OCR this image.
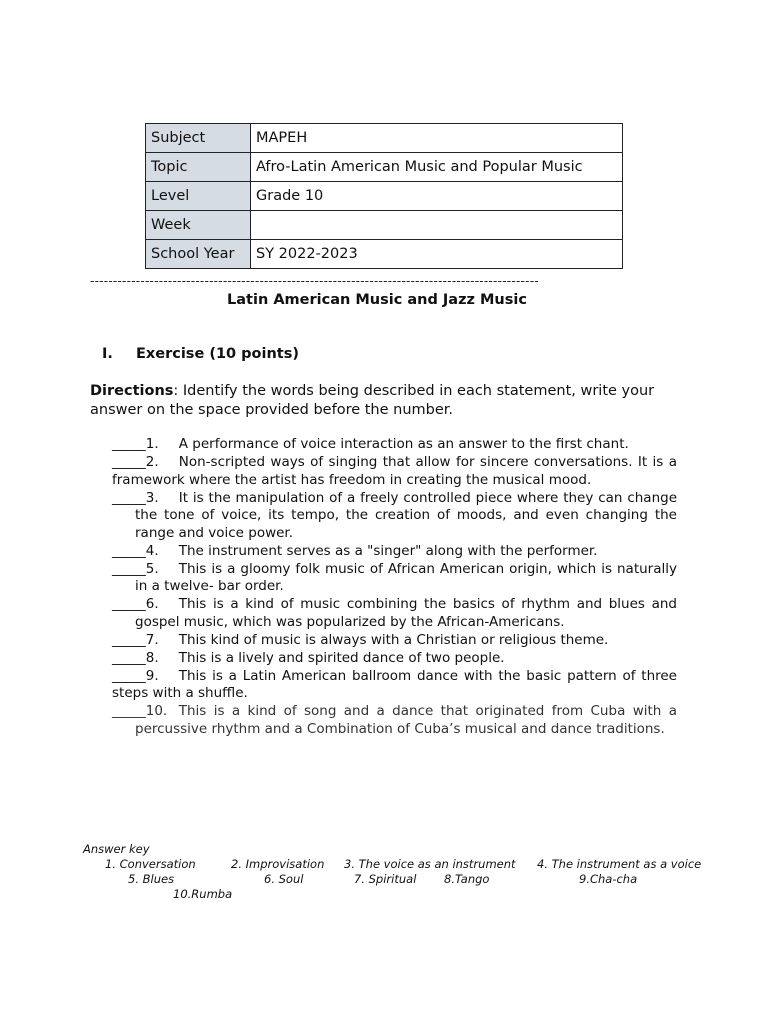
Subject	MAPEH
Topic	Afro-Latin American Music and Popular Music
Level	Grade 10
Week	
School Year	SY 2022-2023
--------------------------------------------------------------------------------------------------
Latin American Music and Jazz Music
I. Exercise (10 points)
Directions: Identify the words being described in each statement, write your answer on the space provided before the number.
_____ 1.	A performance of voice interaction as an answer to the first chant.
_____2. Non-scripted ways of singing that allow for sincere conversations. It is a framework where the artist has freedom in creating the musical mood.
_____3. It is the manipulation of a freely controlled piece where they can change the tone of voice, its tempo, the creation of moods, and even changing the range and voice power.
_____4. The instrument serves as a "singer" along with the performer.
_____5. This is a gloomy folk music of African American origin, which is naturally in a twelve- bar order.
_____6. This is a kind of music combining the basics of rhythm and blues and gospel music, which was popularized by the African-Americans.
_____7. This kind of music is always with a Christian or religious theme.
_____8. This is a lively and spirited dance of two people.
_____9. This is a Latin American ballroom dance with the basic pattern of three steps with a shuffle.
_____10. This is a kind of song and a dance that originated from Cuba with a percussive rhythm and a Combination of Cuba’s musical and dance traditions.
Answer key
1. Conversation	2. Improvisation 3. The voice as an instrument 4. The instrument as a voice
5. Blues	6. Soul	7. Spiritual 8.Tango	9.Cha-cha
10.Rumba
